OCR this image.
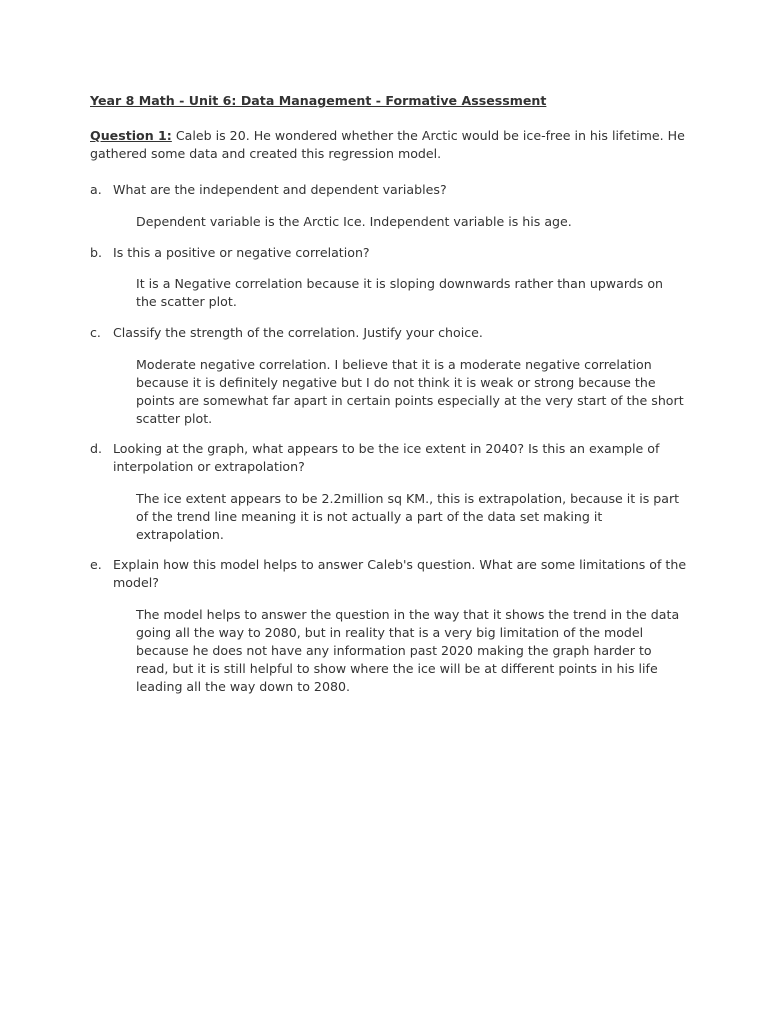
Year 8 Math - Unit 6: Data Management - Formative Assessment

Question 1: Caleb is 20. He wondered whether the Arctic would be ice-free in his lifetime. He gathered some data and created this regression model.

a. What are the independent and dependent variables?

Dependent variable is the Arctic Ice. Independent variable is his age.

b. Is this a positive or negative correlation?

It is a Negative correlation because it is sloping downwards rather than upwards on the scatter plot.

c. Classify the strength of the correlation. Justify your choice.

Moderate negative correlation. I believe that it is a moderate negative correlation because it is definitely negative but I do not think it is weak or strong because the points are somewhat far apart in certain points especially at the very start of the short scatter plot.

d. Looking at the graph, what appears to be the ice extent in 2040? Is this an example of interpolation or extrapolation?

The ice extent appears to be 2.2million sq KM., this is extrapolation, because it is part of the trend line meaning it is not actually a part of the data set making it extrapolation.

e. Explain how this model helps to answer Caleb's question. What are some limitations of the model?

The model helps to answer the question in the way that it shows the trend in the data going all the way to 2080, but in reality that is a very big limitation of the model because he does not have any information past 2020 making the graph harder to read, but it is still helpful to show where the ice will be at different points in his life leading all the way down to 2080.
